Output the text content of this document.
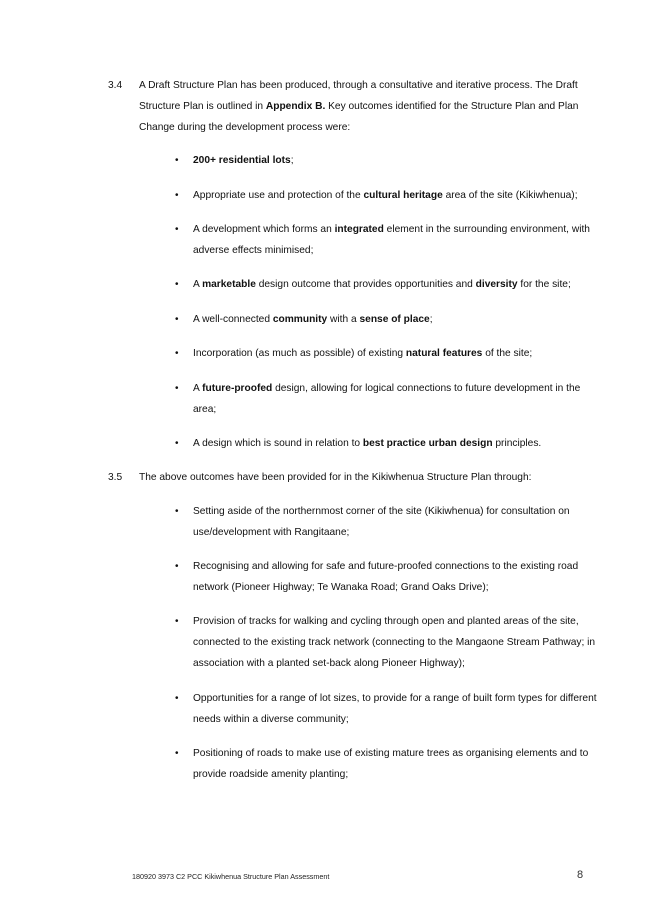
3.4	A Draft Structure Plan has been produced, through a consultative and iterative process. The Draft Structure Plan is outlined in Appendix B. Key outcomes identified for the Structure Plan and Plan Change during the development process were:
• 200+ residential lots;
• Appropriate use and protection of the cultural heritage area of the site (Kikiwhenua);
• A development which forms an integrated element in the surrounding environment, with adverse effects minimised;
• A marketable design outcome that provides opportunities and diversity for the site;
• A well-connected community with a sense of place;
• Incorporation (as much as possible) of existing natural features of the site;
• A future-proofed design, allowing for logical connections to future development in the area;
• A design which is sound in relation to best practice urban design principles.
3.5	The above outcomes have been provided for in the Kikiwhenua Structure Plan through:
• Setting aside of the northernmost corner of the site (Kikiwhenua) for consultation on use/development with Rangitaane;
• Recognising and allowing for safe and future-proofed connections to the existing road network (Pioneer Highway; Te Wanaka Road; Grand Oaks Drive);
• Provision of tracks for walking and cycling through open and planted areas of the site, connected to the existing track network (connecting to the Mangaone Stream Pathway; in association with a planted set-back along Pioneer Highway);
• Opportunities for a range of lot sizes, to provide for a range of built form types for different needs within a diverse community;
• Positioning of roads to make use of existing mature trees as organising elements and to provide roadside amenity planting;
180920 3973 C2 PCC Kikiwhenua Structure Plan Assessment	8
